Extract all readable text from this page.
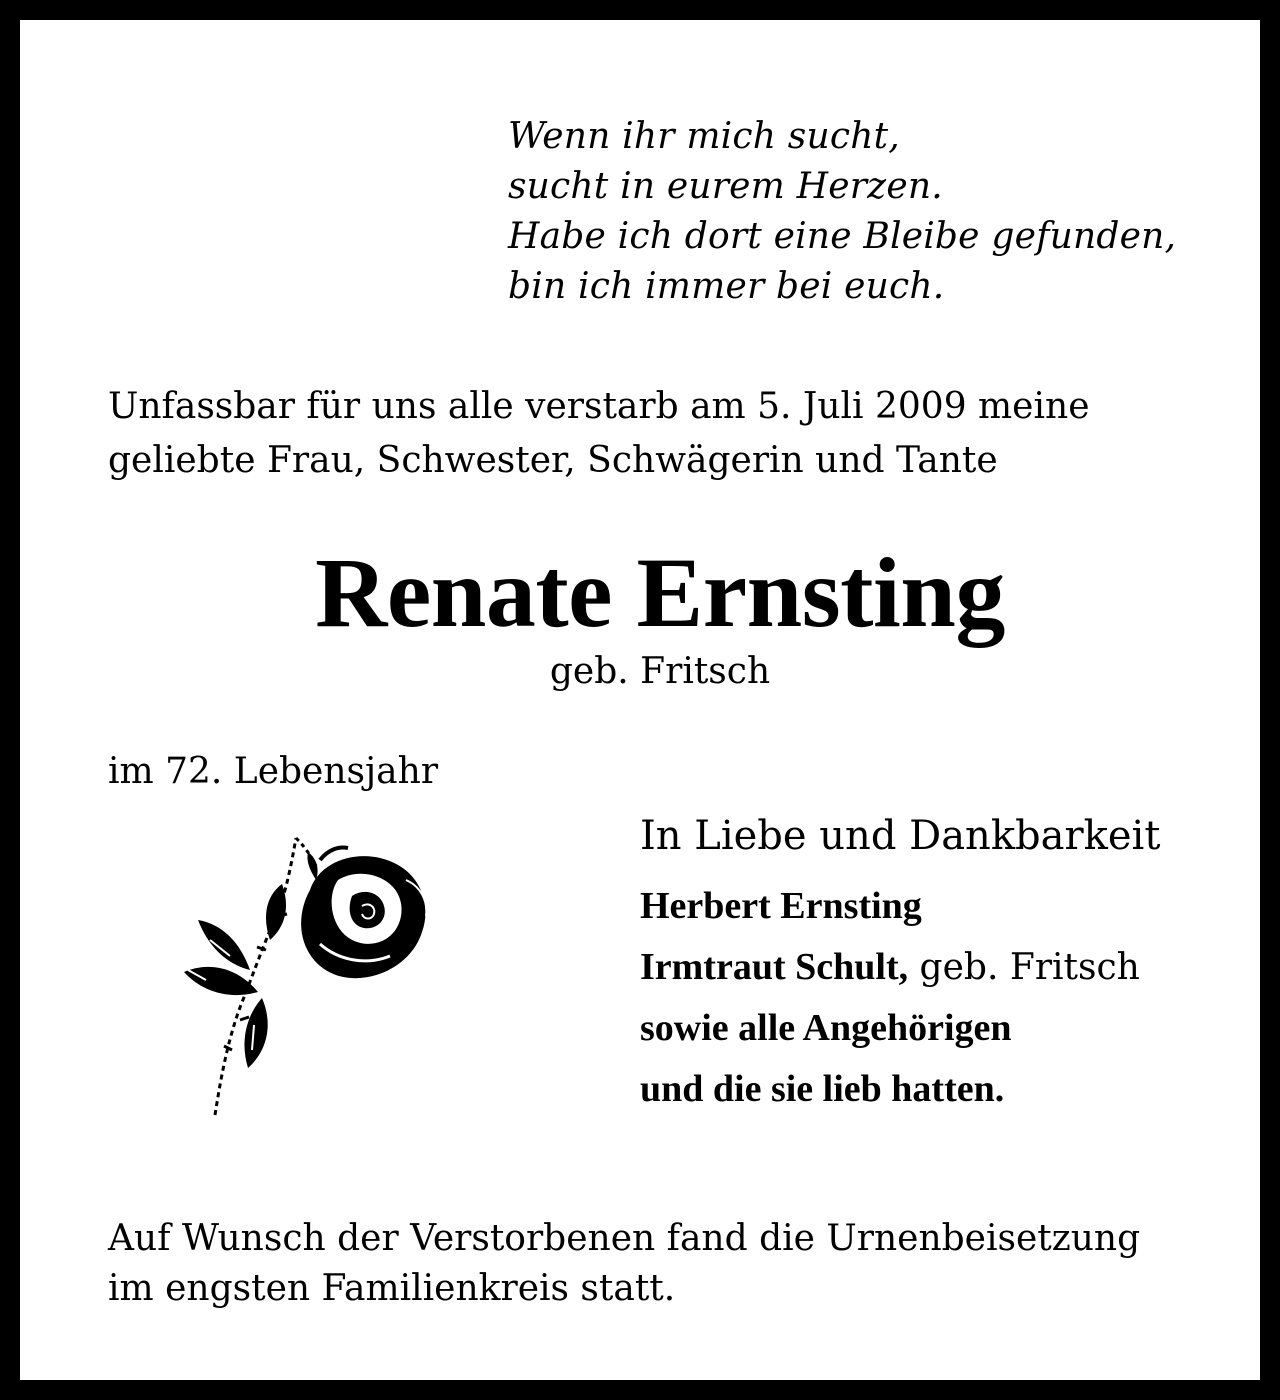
Wenn ihr mich sucht,
sucht in eurem Herzen.
Habe ich dort eine Bleibe gefunden,
bin ich immer bei euch.

Unfassbar für uns alle verstarb am 5. Juli 2009 meine
geliebte Frau, Schwester, Schwägerin und Tante

Renate Ernsting

geb. Fritsch

im 72. Lebensjahr

In Liebe und Dankbarkeit
Herbert Ernsting
Irmtraut Schult, geb. Fritsch
sowie alle Angehörigen
und die sie lieb hatten.

Auf Wunsch der Verstorbenen fand die Urnenbeisetzung
im engsten Familienkreis statt.
